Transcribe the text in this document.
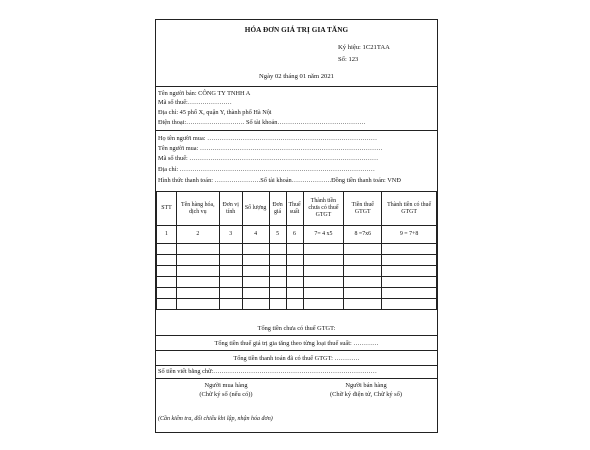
HÓA ĐƠN GIÁ TRỊ GIA TĂNG
Ký hiệu: 1C21TAA
Số: 123
Ngày 02 tháng 01 năm 2021
Tên người bán: CÔNG TY TNHH A
Mã số thuế:…………………
Địa chỉ: 45 phố X, quận Y, thành phố Hà Nội
Điện thoại:………………………. Số tài khoản……………………………………
Họ tên người mua: ………………………………………………………………………
Tên người mua: ……………………………………………………………………………
Mã số thuế: ………………………………………………………………………………
Địa chỉ: …………………………………………………………………………………
Hình thức thanh toán: ………………….Số tài khoản……………….Đồng tiền thanh toán: VNĐ
STT	Tên hàng hóa, dịch vụ	Đơn vị tính	Số lượng	Đơn giá	Thuế suất	Thành tiền chưa có thuế GTGT	Tiền thuế GTGT	Thành tiền có thuế GTGT
1	2	3	4	5	6	7= 4 x5	8 =7x6	9 = 7+8

Tổng tiền chưa có thuế GTGT:
Tổng tiền thuế giá trị gia tăng theo từng loại thuế suất: …………
Tổng tiền thanh toán đã có thuế GTGT: …………
Số tiền viết bằng chữ:……………………………………………………………………
Người mua hàng
(Chữ ký số (nếu có))
Người bán hàng
(Chữ ký điện tử, Chữ ký số)
(Cần kiểm tra, đối chiếu khi lập, nhận hóa đơn)
